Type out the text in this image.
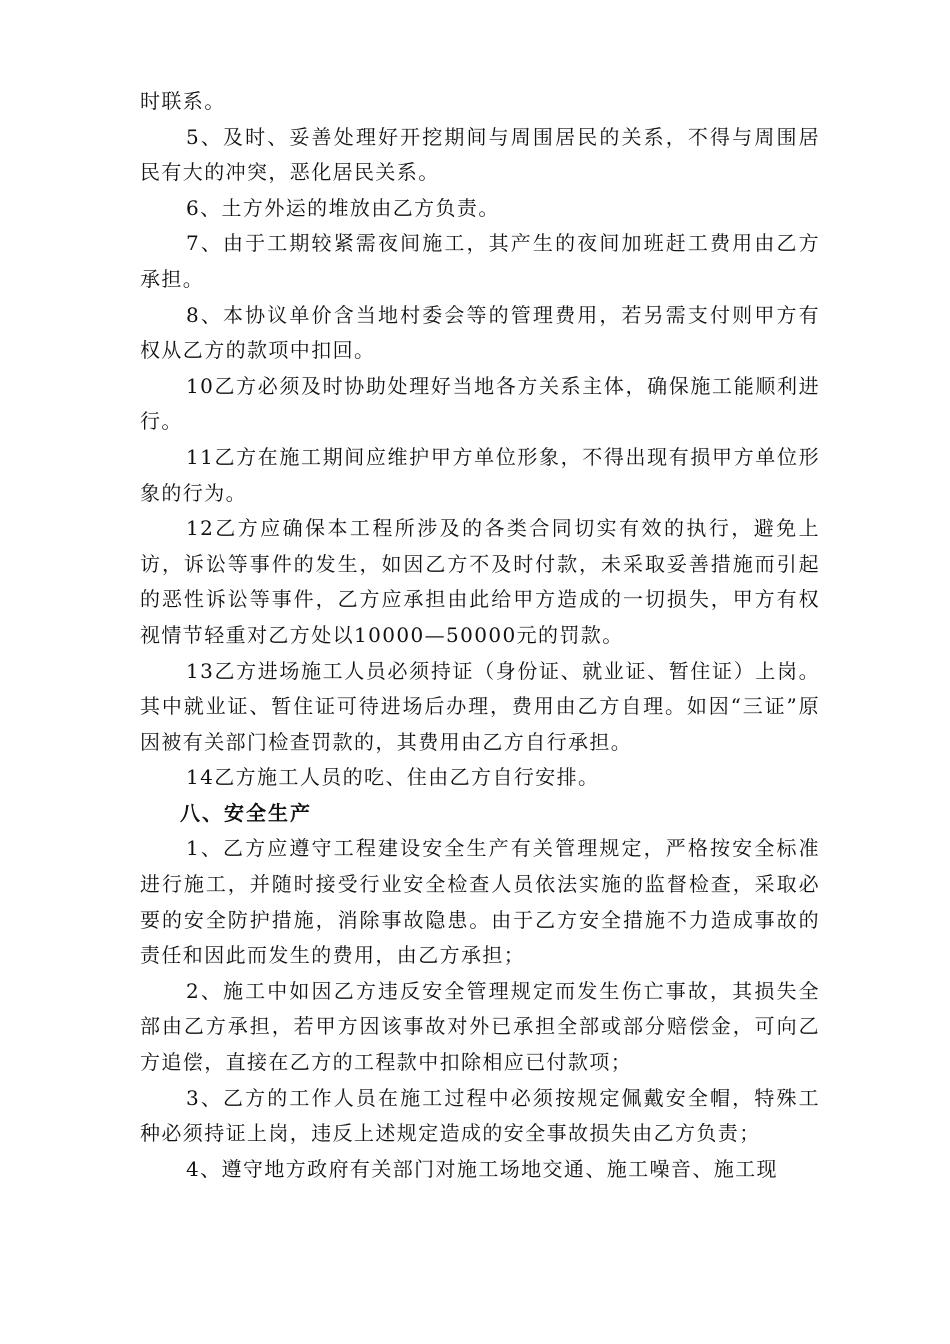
时联系。

5、及时、妥善处理好开挖期间与周围居民的关系，不得与周围居民有大的冲突，恶化居民关系。

6、土方外运的堆放由乙方负责。

7、由于工期较紧需夜间施工，其产生的夜间加班赶工费用由乙方承担。

8、本协议单价含当地村委会等的管理费用，若另需支付则甲方有权从乙方的款项中扣回。

10乙方必须及时协助处理好当地各方关系主体，确保施工能顺利进行。

11乙方在施工期间应维护甲方单位形象，不得出现有损甲方单位形象的行为。

12乙方应确保本工程所涉及的各类合同切实有效的执行，避免上访，诉讼等事件的发生，如因乙方不及时付款，未采取妥善措施而引起的恶性诉讼等事件，乙方应承担由此给甲方造成的一切损失，甲方有权视情节轻重对乙方处以10000—50000元的罚款。

13乙方进场施工人员必须持证（身份证、就业证、暂住证）上岗。其中就业证、暂住证可待进场后办理，费用由乙方自理。如因“三证”原因被有关部门检查罚款的，其费用由乙方自行承担。

14乙方施工人员的吃、住由乙方自行安排。

八、安全生产

1、乙方应遵守工程建设安全生产有关管理规定，严格按安全标准进行施工，并随时接受行业安全检查人员依法实施的监督检查，采取必要的安全防护措施，消除事故隐患。由于乙方安全措施不力造成事故的责任和因此而发生的费用，由乙方承担；

2、施工中如因乙方违反安全管理规定而发生伤亡事故，其损失全部由乙方承担，若甲方因该事故对外已承担全部或部分赔偿金，可向乙方追偿，直接在乙方的工程款中扣除相应已付款项；

3、乙方的工作人员在施工过程中必须按规定佩戴安全帽，特殊工种必须持证上岗，违反上述规定造成的安全事故损失由乙方负责；

4、遵守地方政府有关部门对施工场地交通、施工噪音、施工现
